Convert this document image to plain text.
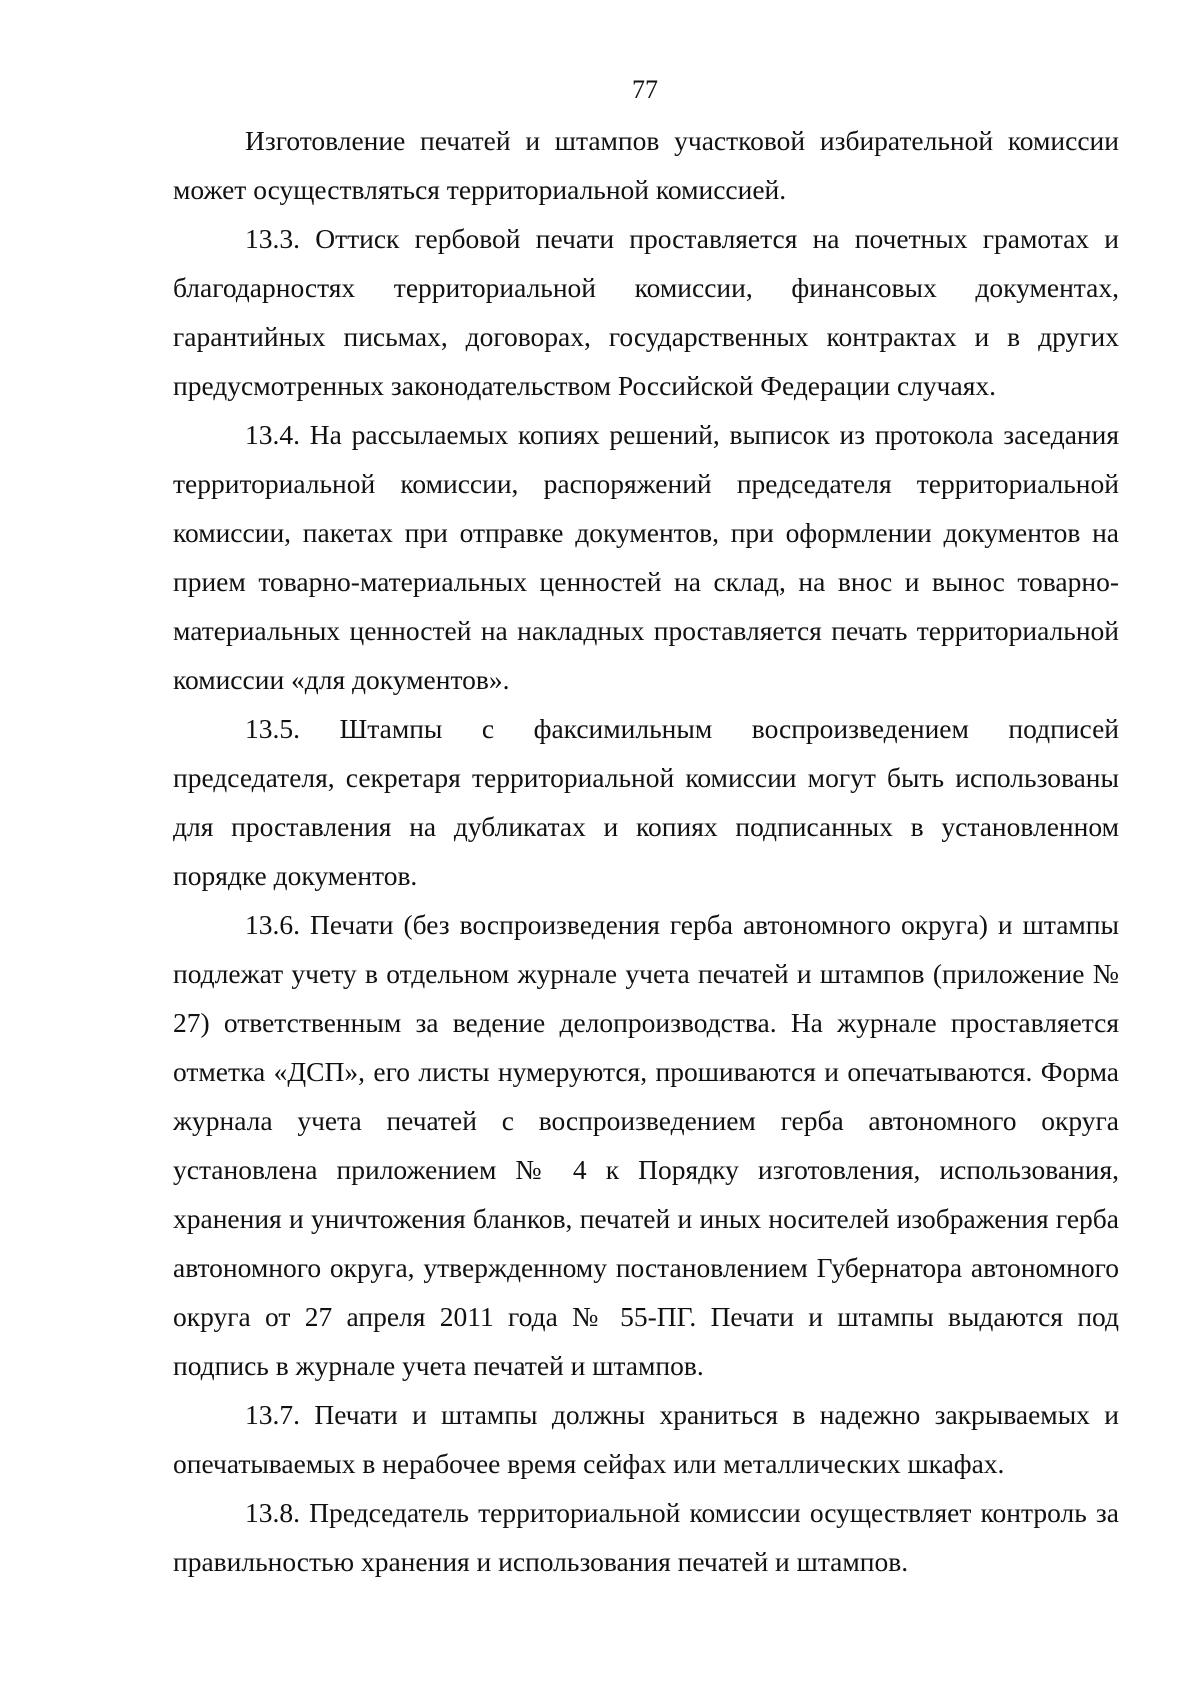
77

Изготовление печатей и штампов участковой избирательной комиссии может осуществляться территориальной комиссией.

13.3. Оттиск гербовой печати проставляется на почетных грамотах и благодарностях территориальной комиссии, финансовых документах, гарантийных письмах, договорах, государственных контрактах и в других предусмотренных законодательством Российской Федерации случаях.

13.4. На рассылаемых копиях решений, выписок из протокола заседания территориальной комиссии, распоряжений председателя территориальной комиссии, пакетах при отправке документов, при оформлении документов на прием товарно-материальных ценностей на склад, на внос и вынос товарно-материальных ценностей на накладных проставляется печать территориальной комиссии «для документов».

13.5. Штампы с факсимильным воспроизведением подписей председателя, секретаря территориальной комиссии могут быть использованы для проставления на дубликатах и копиях подписанных в установленном порядке документов.

13.6. Печати (без воспроизведения герба автономного округа) и штампы подлежат учету в отдельном журнале учета печатей и штампов (приложение № 27) ответственным за ведение делопроизводства. На журнале проставляется отметка «ДСП», его листы нумеруются, прошиваются и опечатываются. Форма журнала учета печатей с воспроизведением герба автономного округа установлена приложением № 4 к Порядку изготовления, использования, хранения и уничтожения бланков, печатей и иных носителей изображения герба автономного округа, утвержденному постановлением Губернатора автономного округа от 27 апреля 2011 года № 55-ПГ. Печати и штампы выдаются под подпись в журнале учета печатей и штампов.

13.7. Печати и штампы должны храниться в надежно закрываемых и опечатываемых в нерабочее время сейфах или металлических шкафах.

13.8. Председатель территориальной комиссии осуществляет контроль за правильностью хранения и использования печатей и штампов.
